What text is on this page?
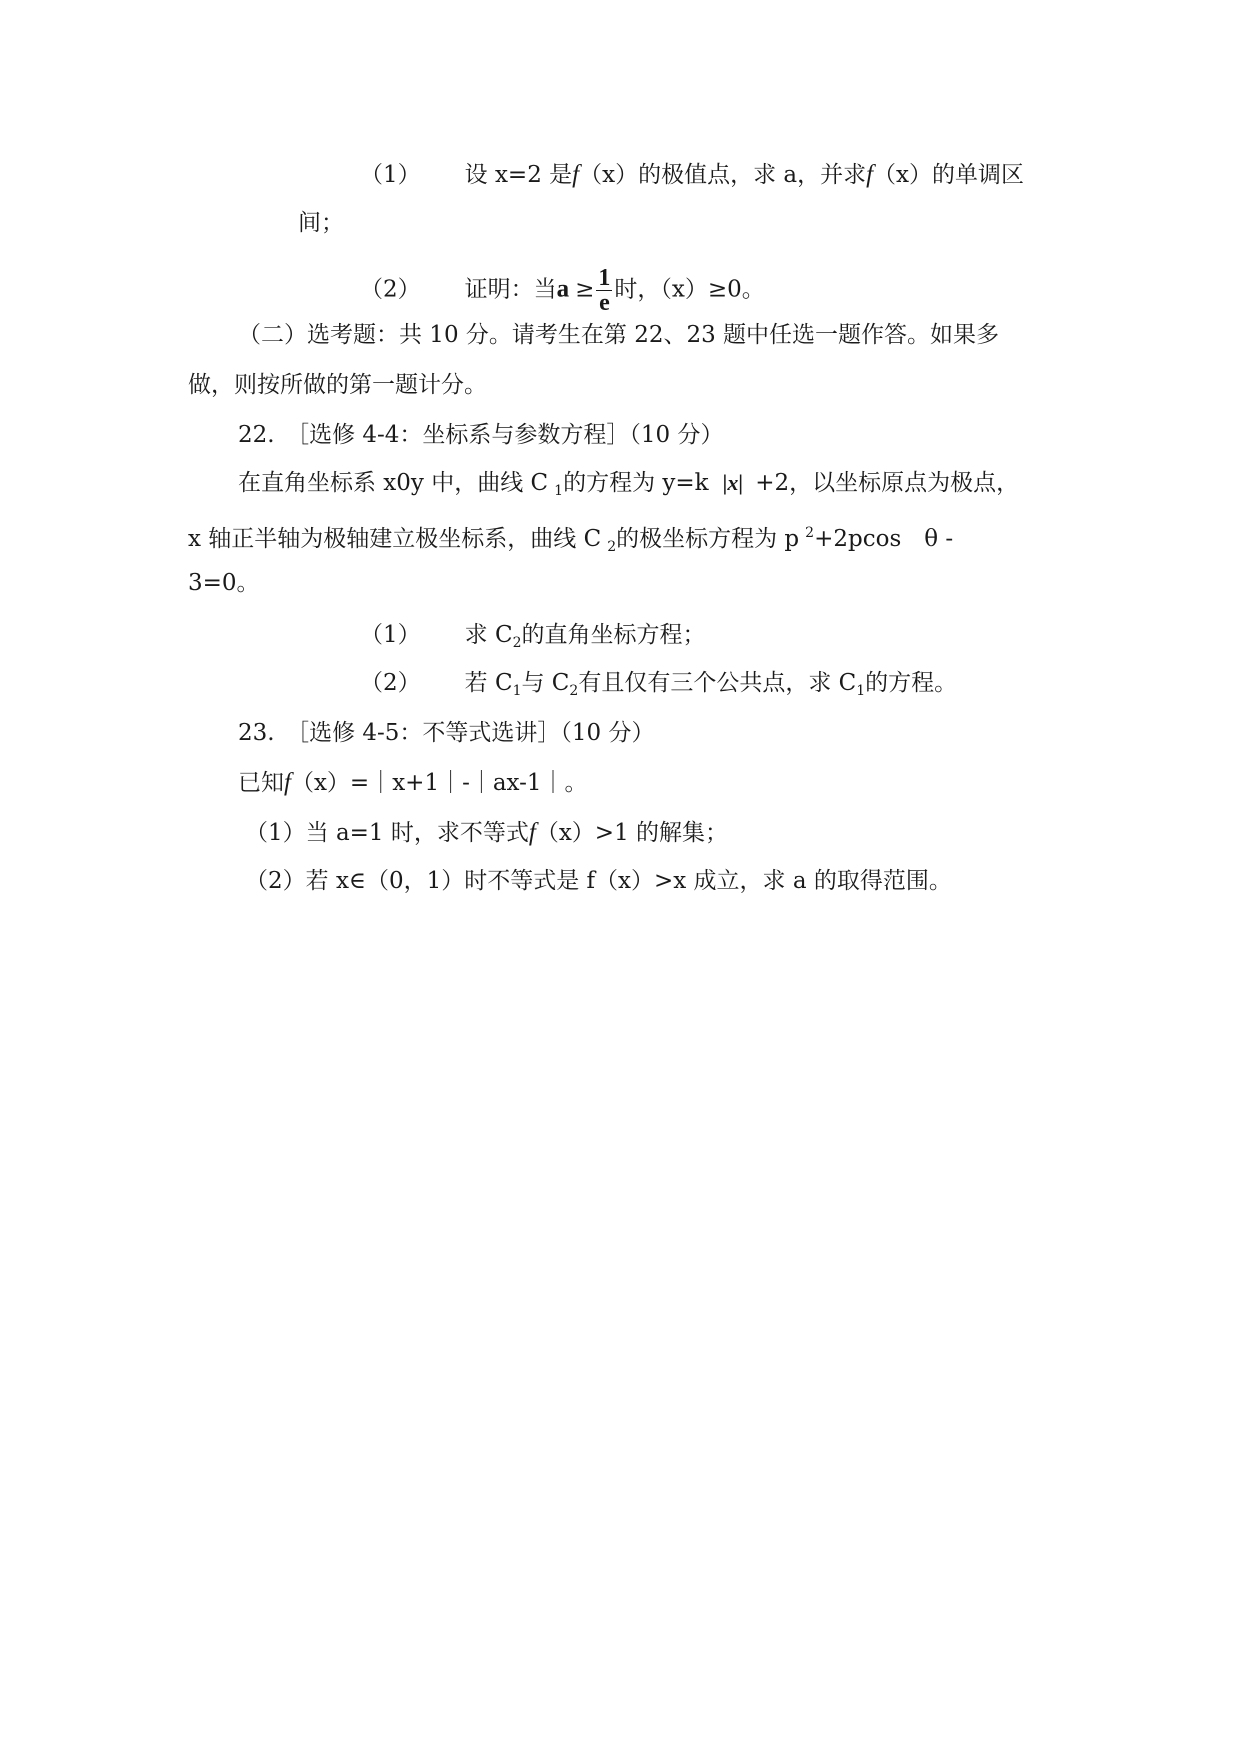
（1） 设 x=2 是f（x）的极值点，求 a，并求f（x）的单调区
间；
（2） 证明：当$a \ge \frac{1}{e}$ 时，（x）≥0。
（二）选考题：共 10 分。请考生在第 22、23 题中任选一题作答。如果多
做，则按所做的第一题计分。
22.　［选修 4-4：坐标系与参数方程］（10 分）
在直角坐标系 x0y 中，曲线 C $_1$的方程为 y=k |x| +2，以坐标原点为极点，
x 轴正半轴为极轴建立极坐标系，曲线 C $_2$的极坐标方程为 p $^2$+2pcos　θ -
3=0。
（1） 求 $C_2$的直角坐标方程；
（2） 若 $C_1$与 $C_2$有且仅有三个公共点，求 $C_1$的方程。
23.　［选修 4-5：不等式选讲］（10 分）
已知f（x）=｜x+1｜-｜ax-1｜。
（1）当 a=1 时，求不等式f（x）>1 的解集；
（2）若 x∈（0，1）时不等式是 f（x）>x 成立，求 a 的取得范围。
